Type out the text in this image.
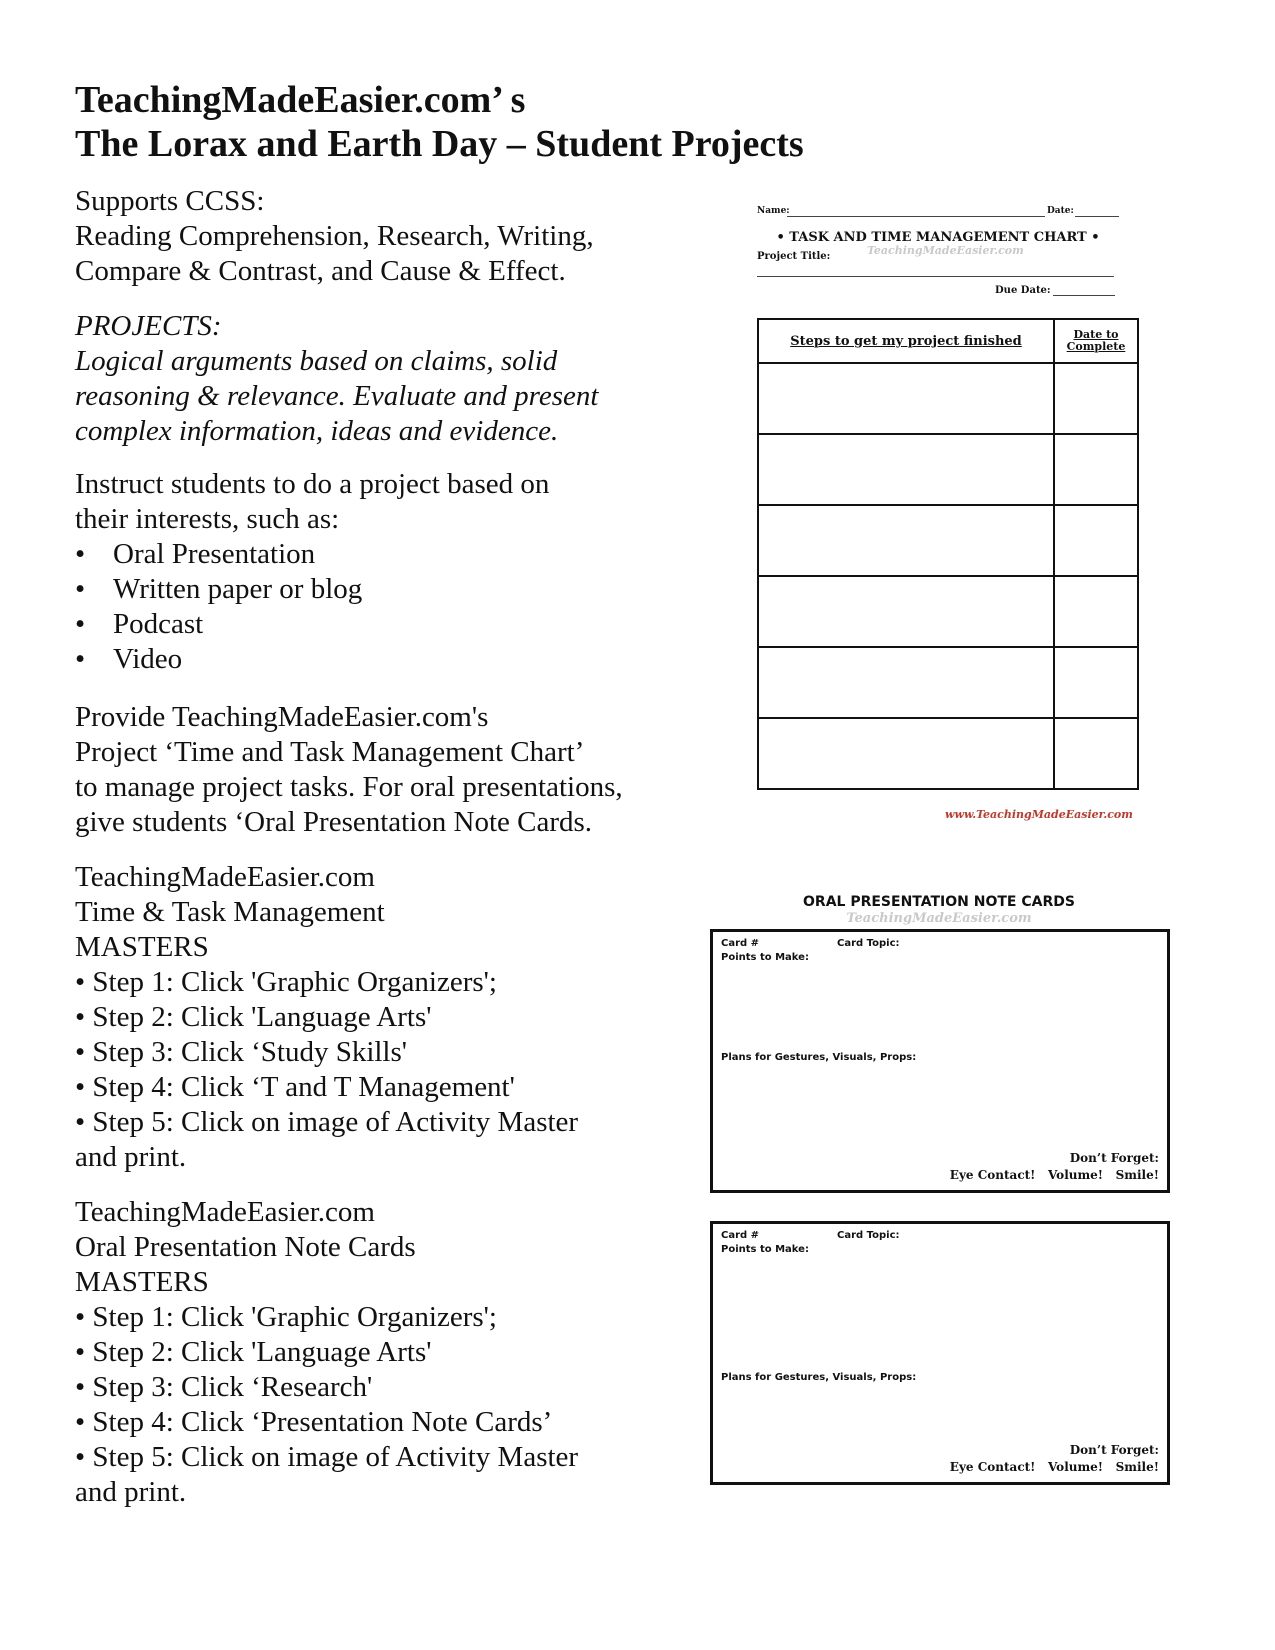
TeachingMadeEasier.com’ s
The Lorax and Earth Day – Student Projects
Supports CCSS:
Reading Comprehension, Research, Writing,
Compare & Contrast, and Cause & Effect.
PROJECTS:
Logical arguments based on claims, solid
reasoning & relevance. Evaluate and present
complex information, ideas and evidence.
Instruct students to do a project based on
their interests, such as:
• Oral Presentation
• Written paper or blog
• Podcast
• Video
Provide TeachingMadeEasier.com's
Project ‘Time and Task Management Chart’
to manage project tasks. For oral presentations,
give students ‘Oral Presentation Note Cards.
TeachingMadeEasier.com
Time & Task Management
MASTERS
• Step 1: Click 'Graphic Organizers';
• Step 2: Click 'Language Arts'
• Step 3: Click ‘Study Skills'
• Step 4: Click ‘T and T Management'
• Step 5: Click on image of Activity Master
and print.
TeachingMadeEasier.com
Oral Presentation Note Cards
MASTERS
• Step 1: Click 'Graphic Organizers';
• Step 2: Click 'Language Arts'
• Step 3: Click ‘Research'
• Step 4: Click ‘Presentation Note Cards’
• Step 5: Click on image of Activity Master
and print.
Name:	Date:
• TASK AND TIME MANAGEMENT CHART •
TeachingMadeEasier.com
Project Title:
Due Date:
Steps to get my project finished	Date to
Complete

www.TeachingMadeEasier.com
ORAL PRESENTATION NOTE CARDS
TeachingMadeEasier.com
Card #	Card Topic:
Points to Make:
Plans for Gestures, Visuals, Props:
Don’t Forget:
Eye Contact!   Volume!   Smile!
Card #	Card Topic:
Points to Make:
Plans for Gestures, Visuals, Props:
Don’t Forget:
Eye Contact!   Volume!   Smile!
